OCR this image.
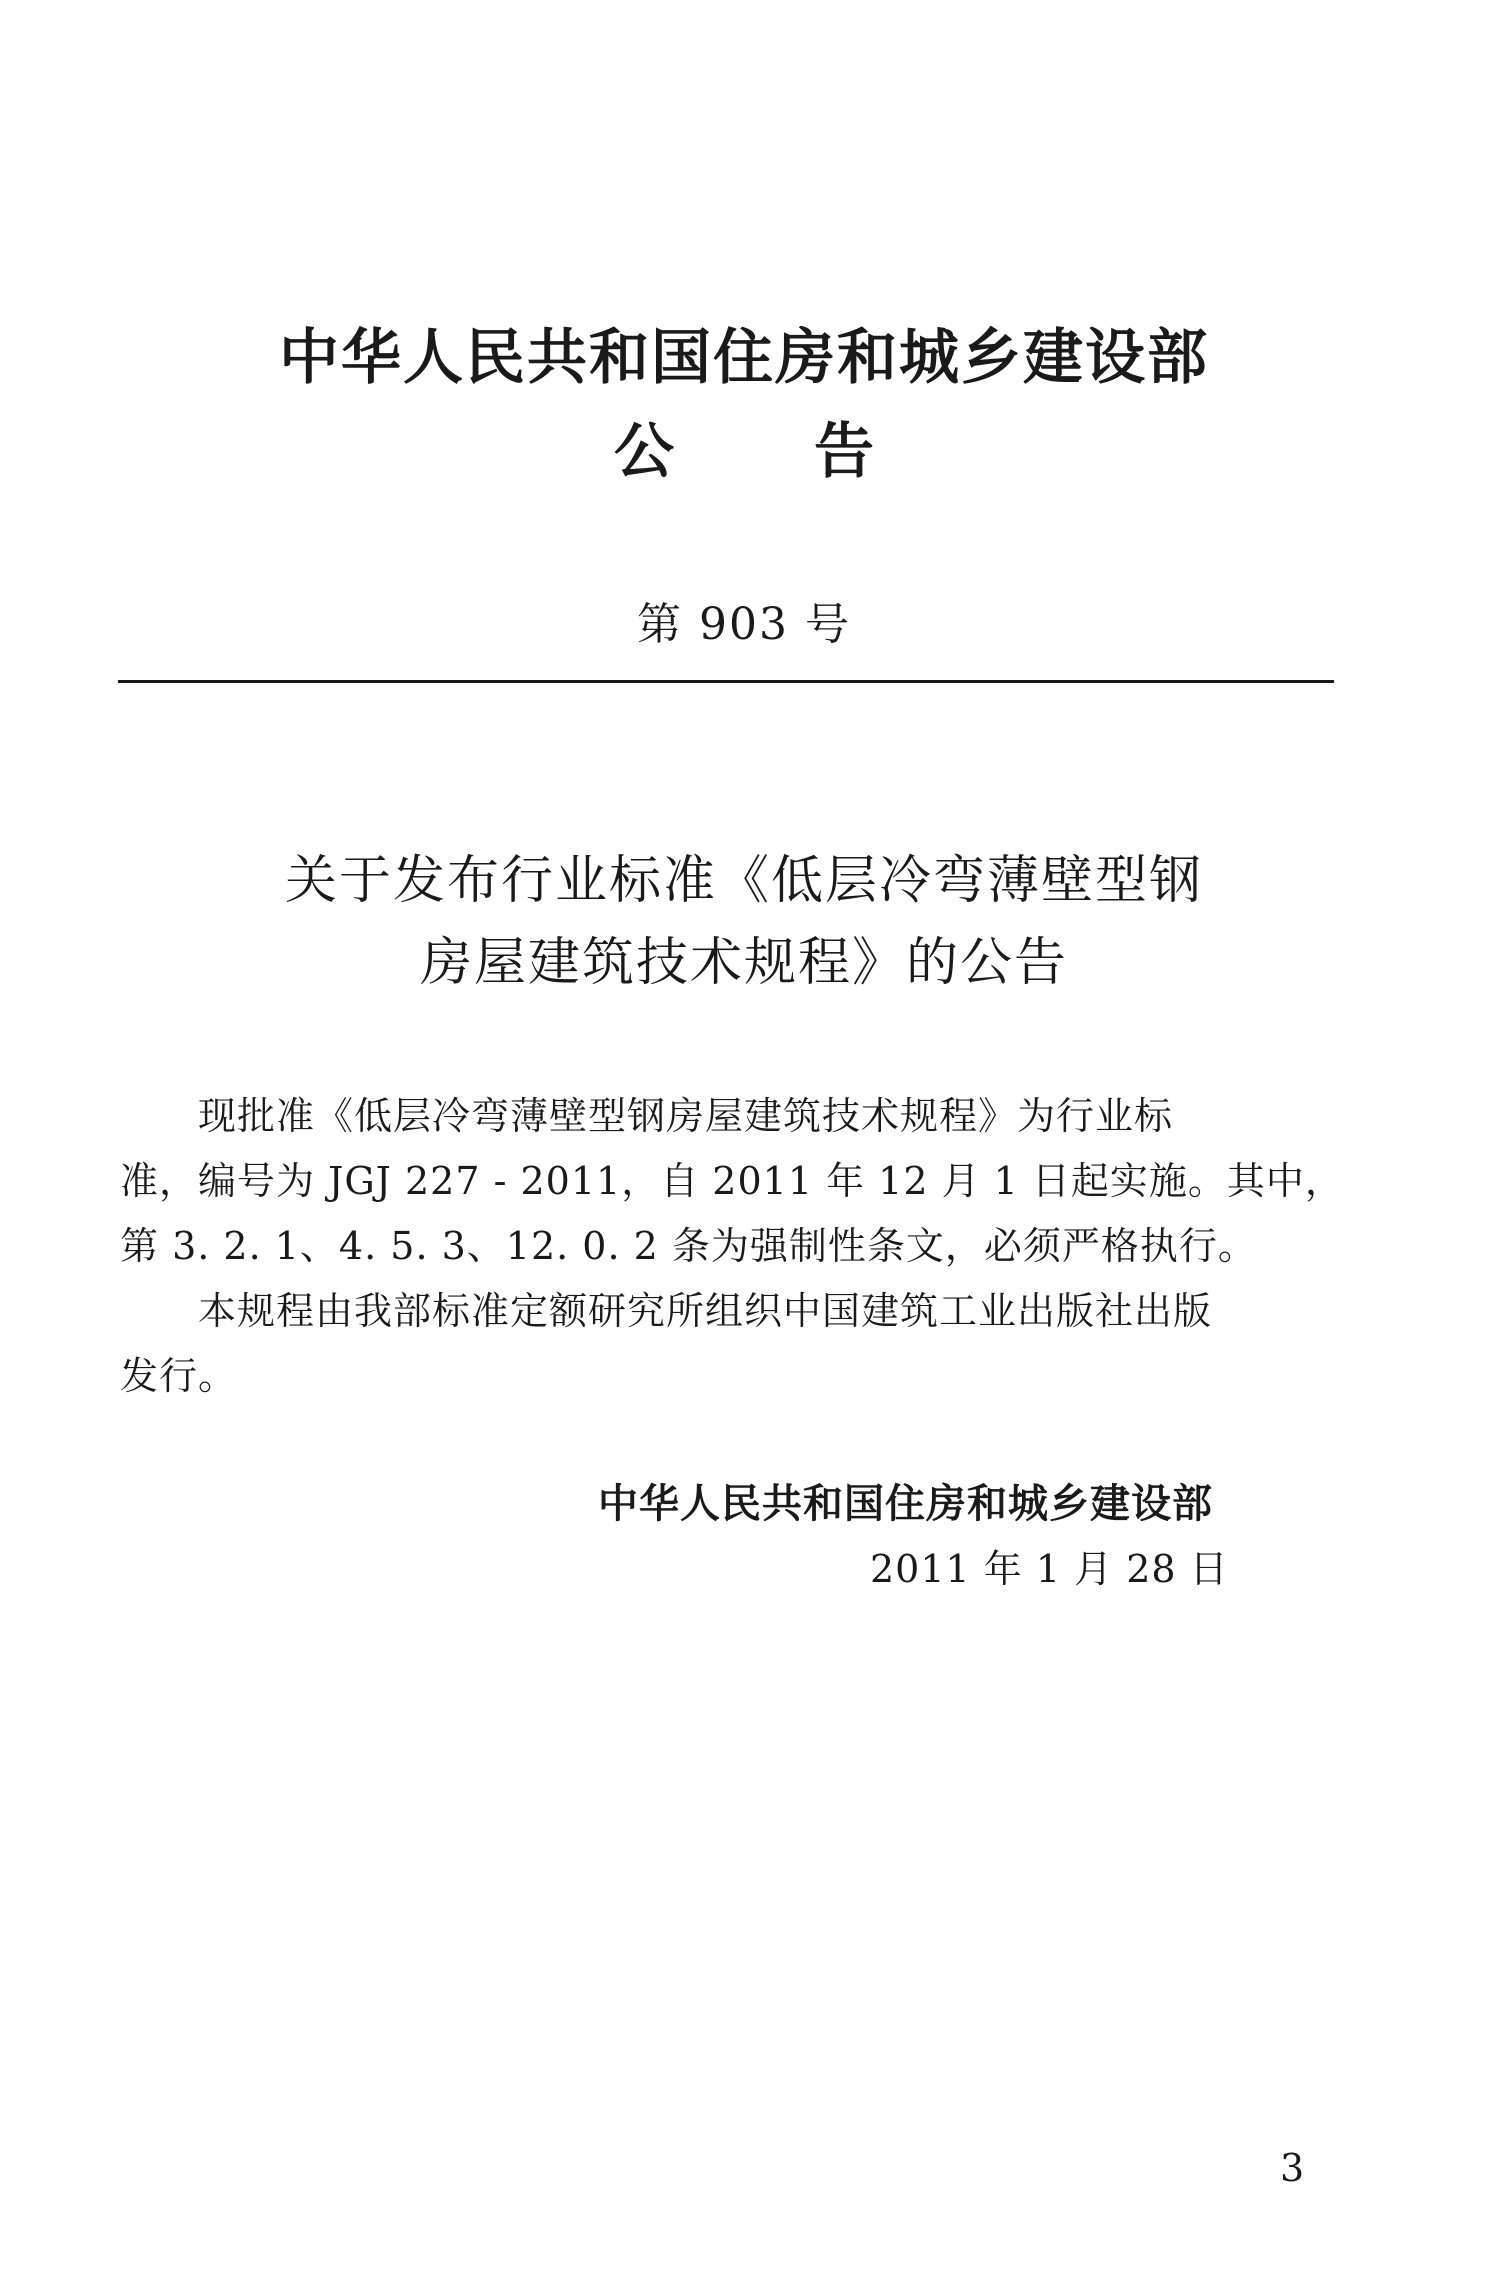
中华人民共和国住房和城乡建设部
公告
第 903 号
关于发布行业标准《低层冷弯薄壁型钢
房屋建筑技术规程》的公告
　　现批准《低层冷弯薄壁型钢房屋建筑技术规程》为行业标
准，编号为 JGJ 227 - 2011，自 2011 年 12 月 1 日起实施。其中，
第 3. 2. 1、4. 5. 3、12. 0. 2 条为强制性条文，必须严格执行。
　　本规程由我部标准定额研究所组织中国建筑工业出版社出版
发行。
中华人民共和国住房和城乡建设部
2011 年 1 月 28 日
3
